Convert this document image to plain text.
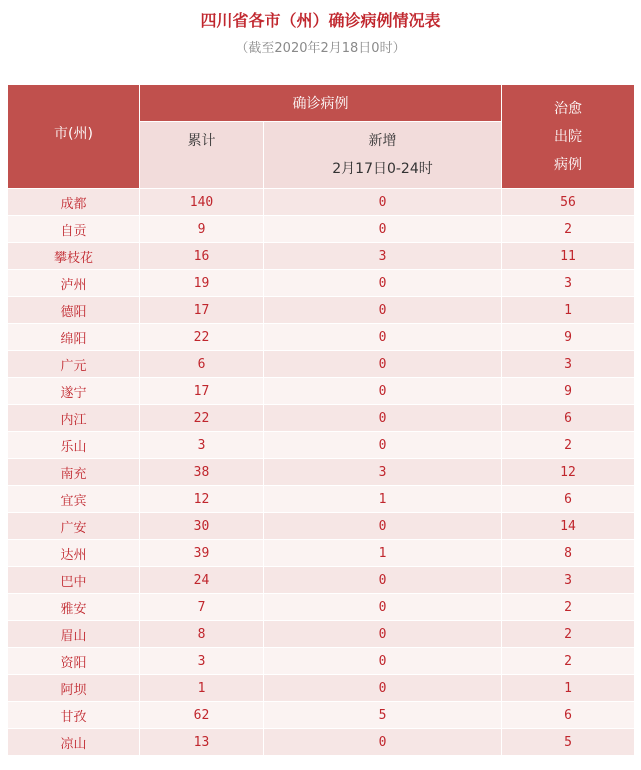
四川省各市（州）确诊病例情况表
（截至2020年2月18日0时）
市(州)	确诊病例		治愈
出院
病例

	累计	新增
2月17日0-24时	

成都	140	0	56
自贡	9	0	2
攀枝花	16	3	11
泸州	19	0	3
德阳	17	0	1
绵阳	22	0	9
广元	6	0	3
遂宁	17	0	9
内江	22	0	6
乐山	3	0	2
南充	38	3	12
宜宾	12	1	6
广安	30	0	14
达州	39	1	8
巴中	24	0	3
雅安	7	0	2
眉山	8	0	2
资阳	3	0	2
阿坝	1	0	1
甘孜	62	5	6
凉山	13	0	5
